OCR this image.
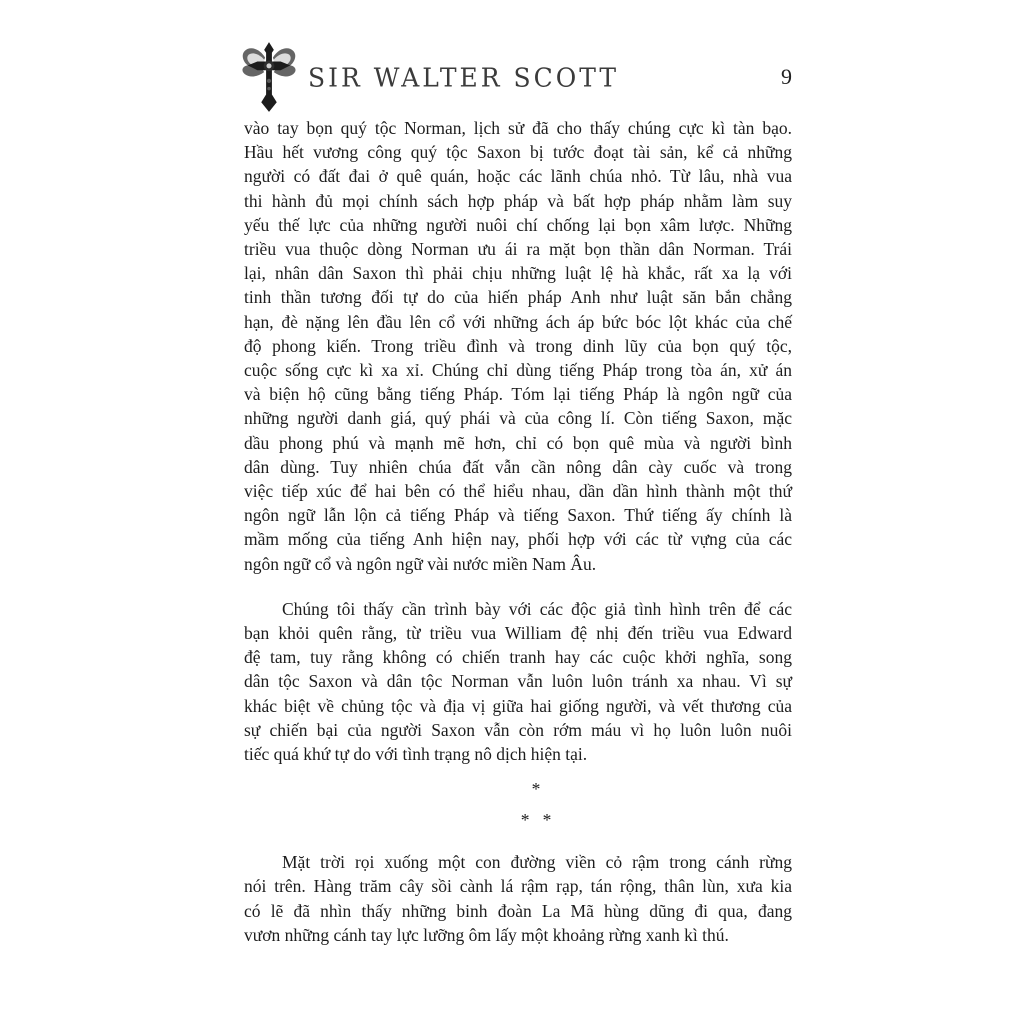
SIR WALTER SCOTT	9
vào tay bọn quý tộc Norman, lịch sử đã cho thấy chúng cực kì tàn bạo.
Hầu hết vương công quý tộc Saxon bị tước đoạt tài sản, kể cả những
người có đất đai ở quê quán, hoặc các lãnh chúa nhỏ. Từ lâu, nhà vua
thi hành đủ mọi chính sách hợp pháp và bất hợp pháp nhằm làm suy
yếu thế lực của những người nuôi chí chống lại bọn xâm lược. Những
triều vua thuộc dòng Norman ưu ái ra mặt bọn thần dân Norman. Trái
lại, nhân dân Saxon thì phải chịu những luật lệ hà khắc, rất xa lạ với
tinh thần tương đối tự do của hiến pháp Anh như luật săn bắn chẳng
hạn, đè nặng lên đầu lên cổ với những ách áp bức bóc lột khác của chế
độ phong kiến. Trong triều đình và trong dinh lũy của bọn quý tộc,
cuộc sống cực kì xa xỉ. Chúng chỉ dùng tiếng Pháp trong tòa án, xử án
và biện hộ cũng bằng tiếng Pháp. Tóm lại tiếng Pháp là ngôn ngữ của
những người danh giá, quý phái và của công lí. Còn tiếng Saxon, mặc
dầu phong phú và mạnh mẽ hơn, chỉ có bọn quê mùa và người bình
dân dùng. Tuy nhiên chúa đất vẫn cần nông dân cày cuốc và trong
việc tiếp xúc để hai bên có thể hiểu nhau, dần dần hình thành một thứ
ngôn ngữ lẫn lộn cả tiếng Pháp và tiếng Saxon. Thứ tiếng ấy chính là
mầm mống của tiếng Anh hiện nay, phối hợp với các từ vựng của các
ngôn ngữ cổ và ngôn ngữ vài nước miền Nam Âu.
Chúng tôi thấy cần trình bày với các độc giả tình hình trên để các
bạn khỏi quên rằng, từ triều vua William đệ nhị đến triều vua Edward
đệ tam, tuy rằng không có chiến tranh hay các cuộc khởi nghĩa, song
dân tộc Saxon và dân tộc Norman vẫn luôn luôn tránh xa nhau. Vì sự
khác biệt về chủng tộc và địa vị giữa hai giống người, và vết thương của
sự chiến bại của người Saxon vẫn còn rớm máu vì họ luôn luôn nuôi
tiếc quá khứ tự do với tình trạng nô dịch hiện tại.
*
*   *
Mặt trời rọi xuống một con đường viền cỏ rậm trong cánh rừng
nói trên. Hàng trăm cây sồi cành lá rậm rạp, tán rộng, thân lùn, xưa kia
có lẽ đã nhìn thấy những binh đoàn La Mã hùng dũng đi qua, đang
vươn những cánh tay lực lưỡng ôm lấy một khoảng rừng xanh kì thú.
